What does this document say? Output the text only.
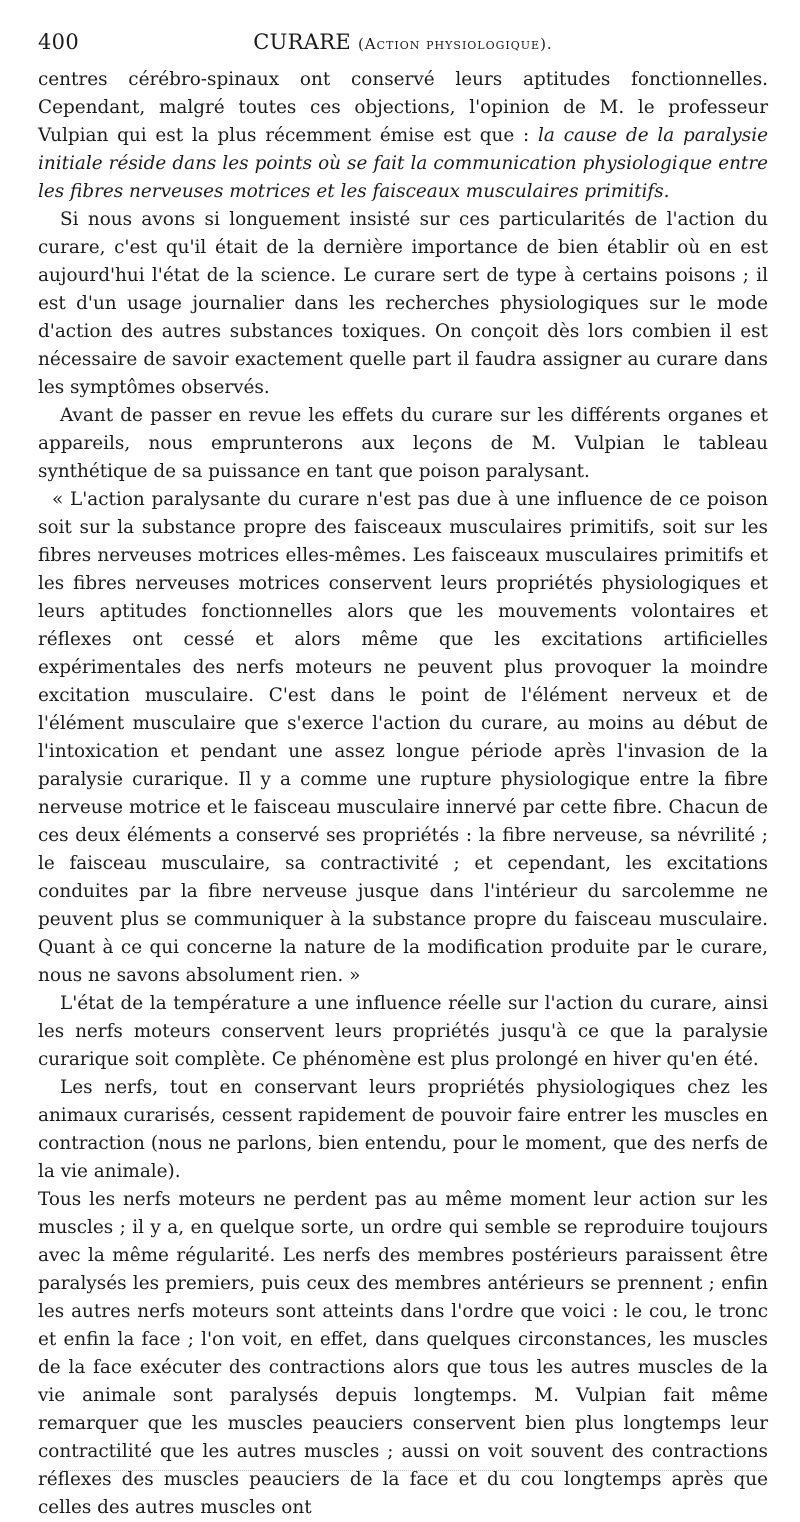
400	CURARE (Action physiologique).

centres cérébro-spinaux ont conservé leurs aptitudes fonctionnelles. Cependant, malgré toutes ces objections, l'opinion de M. le professeur Vulpian qui est la plus récemment émise est que : la cause de la paralysie initiale réside dans les points où se fait la communication physiologique entre les fibres nerveuses motrices et les faisceaux musculaires primitifs.

Si nous avons si longuement insisté sur ces particularités de l'action du curare, c'est qu'il était de la dernière importance de bien établir où en est aujourd'hui l'état de la science. Le curare sert de type à certains poisons ; il est d'un usage journalier dans les recherches physiologiques sur le mode d'action des autres substances toxiques. On conçoit dès lors combien il est nécessaire de savoir exactement quelle part il faudra assigner au curare dans les symptômes observés.

Avant de passer en revue les effets du curare sur les différents organes et appareils, nous emprunterons aux leçons de M. Vulpian le tableau synthétique de sa puissance en tant que poison paralysant.

« L'action paralysante du curare n'est pas due à une influence de ce poison soit sur la substance propre des faisceaux musculaires primitifs, soit sur les fibres nerveuses motrices elles-mêmes. Les faisceaux musculaires primitifs et les fibres nerveuses motrices conservent leurs propriétés physiologiques et leurs aptitudes fonctionnelles alors que les mouvements volontaires et réflexes ont cessé et alors même que les excitations artificielles expérimentales des nerfs moteurs ne peuvent plus provoquer la moindre excitation musculaire. C'est dans le point de l'élément nerveux et de l'élément musculaire que s'exerce l'action du curare, au moins au début de l'intoxication et pendant une assez longue période après l'invasion de la paralysie curarique. Il y a comme une rupture physiologique entre la fibre nerveuse motrice et le faisceau musculaire innervé par cette fibre. Chacun de ces deux éléments a conservé ses propriétés : la fibre nerveuse, sa névrilité ; le faisceau musculaire, sa contractivité ; et cependant, les excitations conduites par la fibre nerveuse jusque dans l'intérieur du sarcolemme ne peuvent plus se communiquer à la substance propre du faisceau musculaire. Quant à ce qui concerne la nature de la modification produite par le curare, nous ne savons absolument rien. »

L'état de la température a une influence réelle sur l'action du curare, ainsi les nerfs moteurs conservent leurs propriétés jusqu'à ce que la paralysie curarique soit complète. Ce phénomène est plus prolongé en hiver qu'en été.

Les nerfs, tout en conservant leurs propriétés physiologiques chez les animaux curarisés, cessent rapidement de pouvoir faire entrer les muscles en contraction (nous ne parlons, bien entendu, pour le moment, que des nerfs de la vie animale).

Tous les nerfs moteurs ne perdent pas au même moment leur action sur les muscles ; il y a, en quelque sorte, un ordre qui semble se reproduire toujours avec la même régularité. Les nerfs des membres postérieurs paraissent être paralysés les premiers, puis ceux des membres antérieurs se prennent ; enfin les autres nerfs moteurs sont atteints dans l'ordre que voici : le cou, le tronc et enfin la face ; l'on voit, en effet, dans quelques circonstances, les muscles de la face exécuter des contractions alors que tous les autres muscles de la vie animale sont paralysés depuis longtemps. M. Vulpian fait même remarquer que les muscles peauciers conservent bien plus longtemps leur contractilité que les autres muscles ; aussi on voit souvent des contractions réflexes des muscles peauciers de la face et du cou longtemps après que celles des autres muscles ont
